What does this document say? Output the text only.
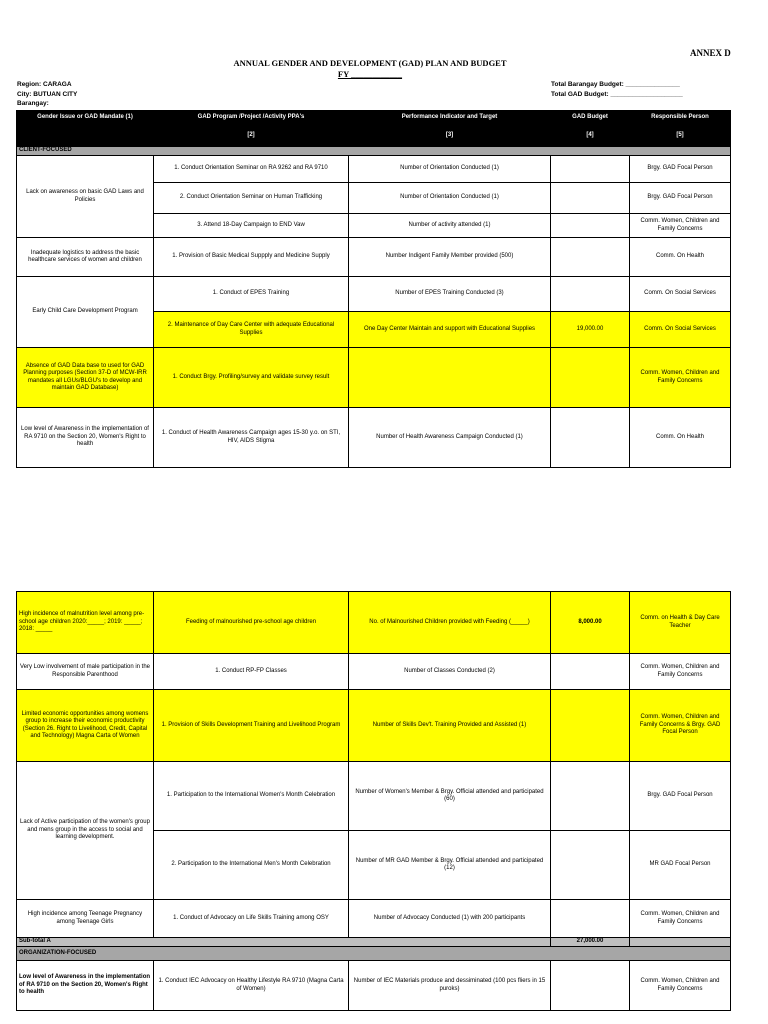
ANNEX D
ANNUAL GENDER AND DEVELOPMENT (GAD) PLAN AND BUDGET
FY ____________
Region: CARAGA
City: BUTUAN CITY
Barangay:
Total Barangay Budget: _______________
Total GAD Budget: ____________________
Gender Issue or GAD Mandate (1)	GAD Program /Project /Activity PPA's	Performance Indicator and Target	GAD Budget	Responsible Person
	[2]	[3]	[4]	[5]
CLIENT-FOCUSED				
Lack on awareness on basic GAD Laws and Policies	1. Conduct Orientation Seminar on RA 9262 and RA 9710	Number of Orientation Conducted (1)		Brgy. GAD Focal Person
	2. Conduct Orientation Seminar on Human Trafficking	Number of Orientation Conducted (1)		Brgy. GAD Focal Person
	3. Attend 18-Day Campaign to END Vaw	Number of activity attended (1)		Comm. Women, Children and Family Concerns
Inadequate logistics to address the basic healthcare services of women and children	1. Provision of Basic Medical Suppply and Medicine Supply	Number Indigent Family Member provided (500)		Comm. On Health
Early Child Care Development Program	1. Conduct of EPES Training	Number of EPES Training Conducted (3)		Comm. On Social Services
	2. Maintenance of Day Care Center with adequate Educational Supplies	One Day Center Maintain and support with Educational Supplies	19,000.00	Comm. On Social Services
Absence of GAD Data base to used for GAD Planning purposes (Section 37-D of MCW-IRR mandates all LGUs/BLGU's to develop and maintain GAD Database)	1. Conduct Brgy. Profiling/survey and validate survey result			Comm. Women, Children and Family Concerns
Low level of Awareness in the implementation of RA 9710 on the Section 20, Women's Right to health	1. Conduct of Health Awareness Campaign ages 15-30 y.o. on STI, HIV, AIDS Stigma	Number of Health Awareness Campaign Conducted (1)		Comm. On Health
High incidence of malnutrition level among pre-school age children 2020:_____; 2019: _____; 2018: _____	Feeding of malnourished pre-school age children	No. of Malnourished Children provided with Feeding (_____)	8,000.00	Comm. on Health & Day Care Teacher
Very Low involvement of male participation in the Responsible Parenthood	1. Conduct RP-FP Classes	Number of Classes Conducted (2)		Comm. Women, Children and Family Concerns
Limited economic opportunities among womens group to increase their economic productivity (Section 26. Right to Livelihood, Credit, Capital and Technology) Magna Carta of Women	1. Provision of Skills Development Training and Livelihood Program	Number of Skills Dev't. Training Provided and Assisted (1)		Comm. Women, Children and Family Concerns & Brgy. GAD Focal Person
Lack of Active participation of the women's group and mens group in the access to social and learning development.	1. Participation to the International Women's Month Celebration	Number of Women's Member & Brgy. Official attended and participated (60)		Brgy. GAD Focal Person
	2. Participation to the International Men's Month Celebration	Number of MR GAD Member & Brgy. Official attended and participated (12)		MR GAD Focal Person
High incidence among Teenage Pregnancy among Teenage Girls	1. Conduct of Advocacy on Life Skills Training among OSY	Number of Advocacy Conducted (1) with 200 participants		Comm. Women, Children and Family Concerns
Sub-total A			27,000.00	
ORGANIZATION-FOCUSED				
Low level of Awareness in the implementation of RA 9710 on the Section 20, Women's Right to health	1. Conduct IEC Advocacy on Healthy Lifestyle RA 9710 (Magna Carta of Women)	Number of IEC Materials produce and dessiminated (100 pcs fliers in 15 puroks)		Comm. Women, Children and Family Concerns
